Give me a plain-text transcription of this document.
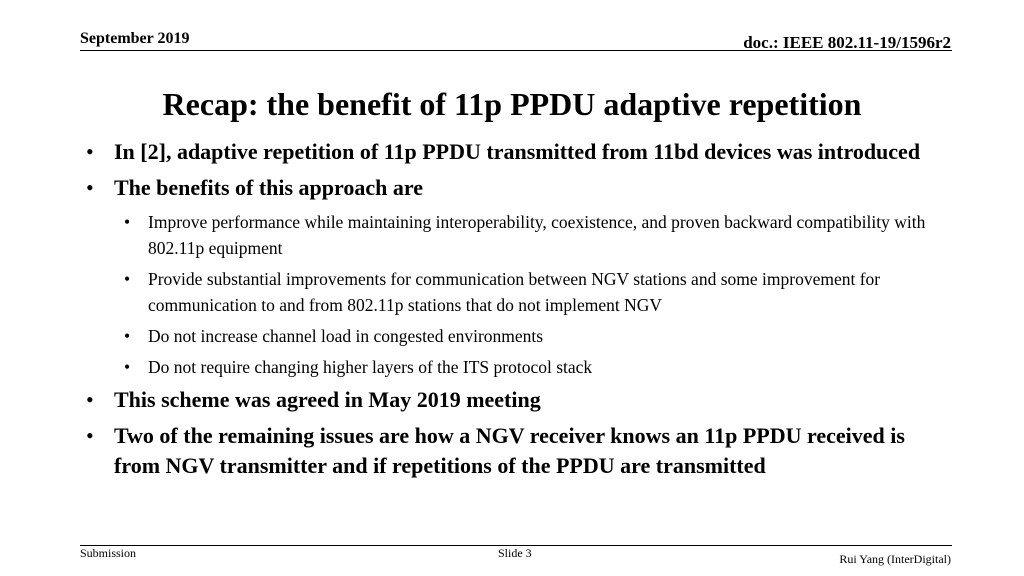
September 2019	doc.: IEEE 802.11-19/1596r2
Recap: the benefit of 11p PPDU adaptive repetition
• In [2], adaptive repetition of 11p PPDU transmitted from 11bd devices was introduced
• The benefits of this approach are
• Improve performance while maintaining interoperability, coexistence, and proven backward compatibility with 802.11p equipment
• Provide substantial improvements for communication between NGV stations and some improvement for communication to and from 802.11p stations that do not implement NGV
• Do not increase channel load in congested environments
• Do not require changing higher layers of the ITS protocol stack
• This scheme was agreed in May 2019 meeting
• Two of the remaining issues are how a NGV receiver knows an 11p PPDU received is from NGV transmitter and if repetitions of the PPDU are transmitted
Submission	Slide 3	Rui Yang (InterDigital)
